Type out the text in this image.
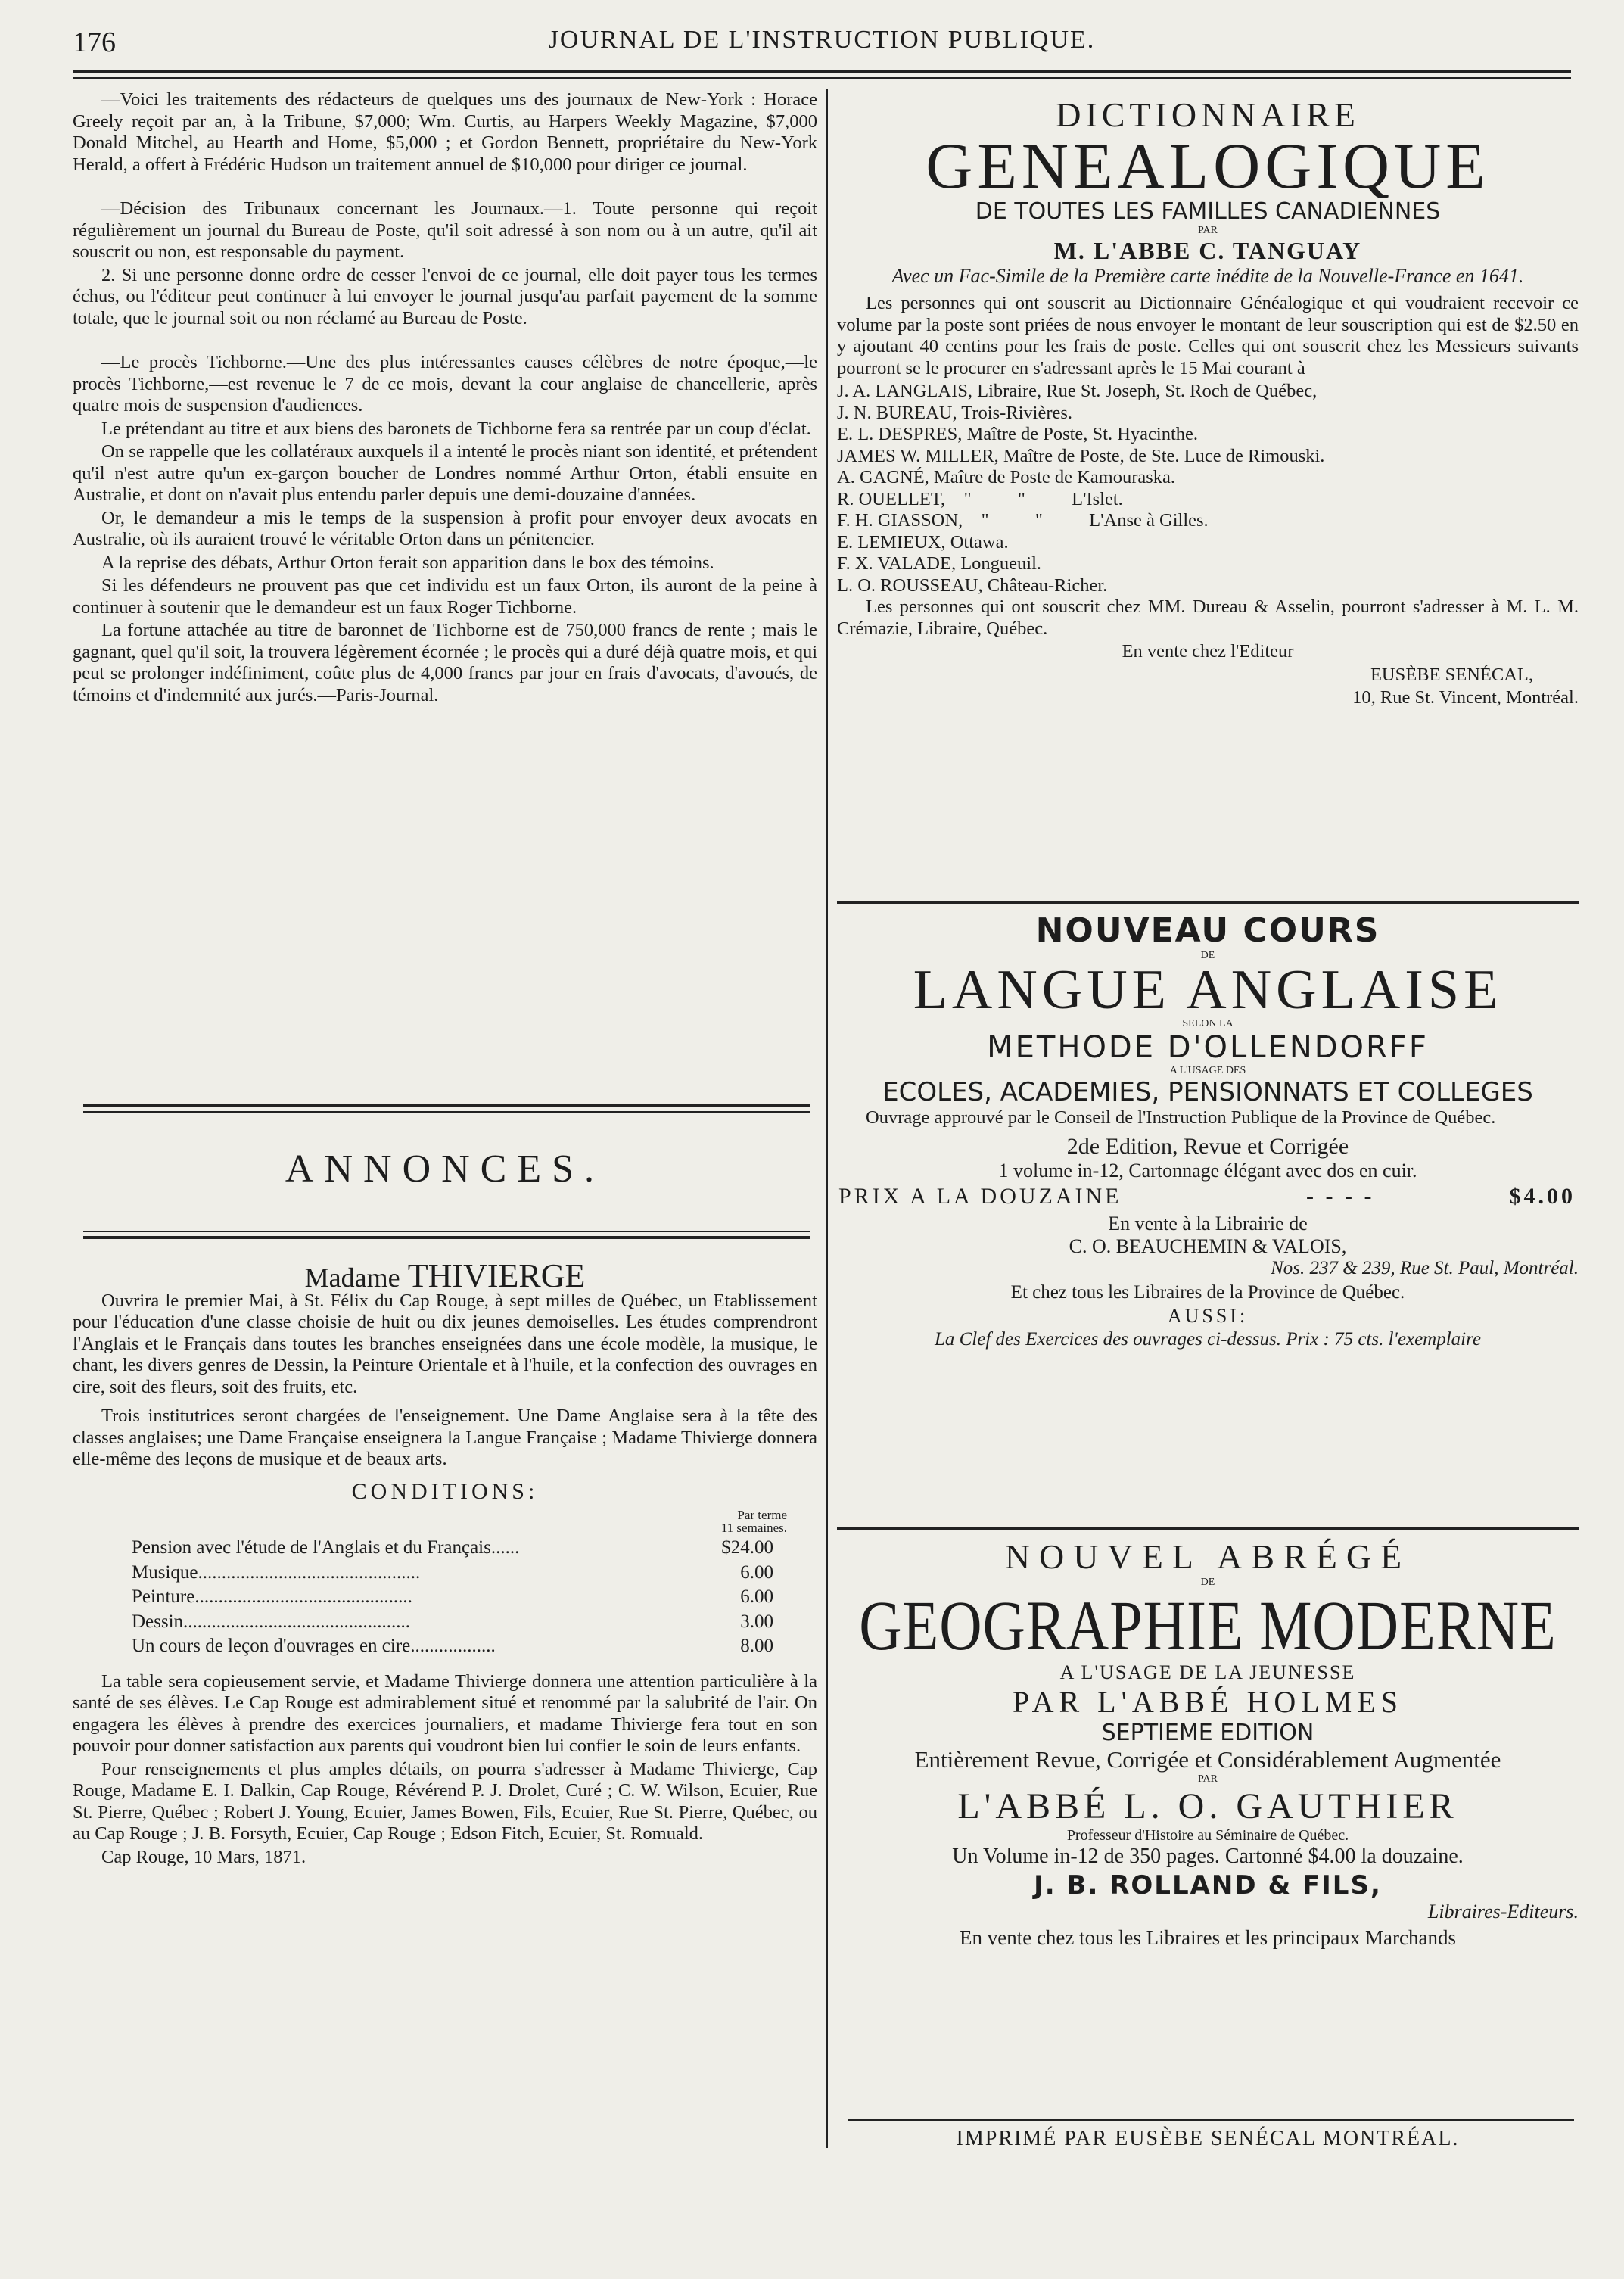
176	JOURNAL DE L'INSTRUCTION PUBLIQUE.

—Voici les traitements des rédacteurs de quelques uns des journaux de New-York : Horace Greely reçoit par an, à la Tribune, $7,000; Wm. Curtis, au Harpers Weekly Magazine, $7,000 Donald Mitchel, au Hearth and Home, $5,000 ; et Gordon Bennett, propriétaire du New-York Herald, a offert à Frédéric Hudson un traitement annuel de $10,000 pour diriger ce journal.

—Décision des Tribunaux concernant les Journaux.—1. Toute personne qui reçoit régulièrement un journal du Bureau de Poste, qu'il soit adressé à son nom ou à un autre, qu'il ait souscrit ou non, est responsable du payment.

2. Si une personne donne ordre de cesser l'envoi de ce journal, elle doit payer tous les termes échus, ou l'éditeur peut continuer à lui envoyer le journal jusqu'au parfait payement de la somme totale, que le journal soit ou non réclamé au Bureau de Poste.

—Le procès Tichborne.—Une des plus intéressantes causes célèbres de notre époque,—le procès Tichborne,—est revenue le 7 de ce mois, devant la cour anglaise de chancellerie, après quatre mois de suspension d'audiences.

Le prétendant au titre et aux biens des baronets de Tichborne fera sa rentrée par un coup d'éclat.

On se rappelle que les collatéraux auxquels il a intenté le procès niant son identité, et prétendent qu'il n'est autre qu'un ex-garçon boucher de Londres nommé Arthur Orton, établi ensuite en Australie, et dont on n'avait plus entendu parler depuis une demi-douzaine d'années.

Or, le demandeur a mis le temps de la suspension à profit pour envoyer deux avocats en Australie, où ils auraient trouvé le véritable Orton dans un pénitencier.

A la reprise des débats, Arthur Orton ferait son apparition dans le box des témoins.

Si les défendeurs ne prouvent pas que cet individu est un faux Orton, ils auront de la peine à continuer à soutenir que le demandeur est un faux Roger Tichborne.

La fortune attachée au titre de baronnet de Tichborne est de 750,000 francs de rente ; mais le gagnant, quel qu'il soit, la trouvera légèrement écornée ; le procès qui a duré déjà quatre mois, et qui peut se prolonger indéfiniment, coûte plus de 4,000 francs par jour en frais d'avocats, d'avoués, de témoins et d'indemnité aux jurés.—Paris-Journal.

ANNONCES.

Madame THIVIERGE

Ouvrira le premier Mai, à St. Félix du Cap Rouge, à sept milles de Québec, un Etablissement pour l'éducation d'une classe choisie de huit ou dix jeunes demoiselles. Les études comprendront l'Anglais et le Français dans toutes les branches enseignées dans une école modèle, la musique, le chant, les divers genres de Dessin, la Peinture Orientale et à l'huile, et la confection des ouvrages en cire, soit des fleurs, soit des fruits, etc.

Trois institutrices seront chargées de l'enseignement. Une Dame Anglaise sera à la tête des classes anglaises; une Dame Française enseignera la Langue Française ; Madame Thivierge donnera elle-même des leçons de musique et de beaux arts.

CONDITIONS:
	Par terme
11 semaines.
Pension avec l'étude de l'Anglais et du Français......	$24.00
Musique...............................................	6.00
Peinture..............................................	6.00
Dessin................................................	3.00
Un cours de leçon d'ouvrages en cire..................	8.00

La table sera copieusement servie, et Madame Thivierge donnera une attention particulière à la santé de ses élèves. Le Cap Rouge est admirablement situé et renommé par la salubrité de l'air. On engagera les élèves à prendre des exercices journaliers, et madame Thivierge fera tout en son pouvoir pour donner satisfaction aux parents qui voudront bien lui confier le soin de leurs enfants.

Pour renseignements et plus amples détails, on pourra s'adresser à Madame Thivierge, Cap Rouge, Madame E. I. Dalkin, Cap Rouge, Révérend P. J. Drolet, Curé ; C. W. Wilson, Ecuier, Rue St. Pierre, Québec ; Robert J. Young, Ecuier, James Bowen, Fils, Ecuier, Rue St. Pierre, Québec, ou au Cap Rouge ; J. B. Forsyth, Ecuier, Cap Rouge ; Edson Fitch, Ecuier, St. Romuald.

Cap Rouge, 10 Mars, 1871.

DICTIONNAIRE

GENEALOGIQUE

DE TOUTES LES FAMILLES CANADIENNES

PAR

M. L'ABBE C. TANGUAY

Avec un Fac-Simile de la Première carte inédite de la Nouvelle-France en 1641.

Les personnes qui ont souscrit au Dictionnaire Généalogique et qui voudraient recevoir ce volume par la poste sont priées de nous envoyer le montant de leur souscription qui est de $2.50 en y ajoutant 40 centins pour les frais de poste. Celles qui ont souscrit chez les Messieurs suivants pourront se le procurer en s'adressant après le 15 Mai courant à

J. A. LANGLAIS, Libraire, Rue St. Joseph, St. Roch de Québec,
J. N. BUREAU, Trois-Rivières.
E. L. DESPRES, Maître de Poste, St. Hyacinthe.
JAMES W. MILLER, Maître de Poste, de Ste. Luce de Rimouski.
A. GAGNÉ, Maître de Poste de Kamouraska.
R. OUELLET,    "          "          L'Islet.
F. H. GIASSON,    "          "          L'Anse à Gilles.
E. LEMIEUX, Ottawa.
F. X. VALADE, Longueuil.
L. O. ROUSSEAU, Château-Richer.

Les personnes qui ont souscrit chez MM. Dureau & Asselin, pourront s'adresser à M. L. M. Crémazie, Libraire, Québec.

En vente chez l'Editeur

EUSÈBE SENÉCAL,

10, Rue St. Vincent, Montréal.

NOUVEAU COURS

DE

LANGUE ANGLAISE

SELON LA

METHODE D'OLLENDORFF

A L'USAGE DES

ECOLES, ACADEMIES, PENSIONNATS ET COLLEGES

Ouvrage approuvé par le Conseil de l'Instruction Publique de la Province de Québec.

2de Edition, Revue et Corrigée

1 volume in-12, Cartonnage élégant avec dos en cuir.

PRIX A LA DOUZAINE	- - - -	$4.00

En vente à la Librairie de

C. O. BEAUCHEMIN & VALOIS,

Nos. 237 & 239, Rue St. Paul, Montréal.

Et chez tous les Libraires de la Province de Québec.

AUSSI:

La Clef des Exercices des ouvrages ci-dessus. Prix : 75 cts. l'exemplaire

NOUVEL ABRÉGÉ

DE

GEOGRAPHIE MODERNE

A L'USAGE DE LA JEUNESSE

PAR L'ABBÉ HOLMES

SEPTIEME EDITION

Entièrement Revue, Corrigée et Considérablement Augmentée

PAR

L'ABBÉ L. O. GAUTHIER

Professeur d'Histoire au Séminaire de Québec.

Un Volume in-12 de 350 pages. Cartonné $4.00 la douzaine.

J. B. ROLLAND & FILS,

Libraires-Editeurs.

En vente chez tous les Libraires et les principaux Marchands

IMPRIMÉ PAR EUSÈBE SENÉCAL MONTRÉAL.
